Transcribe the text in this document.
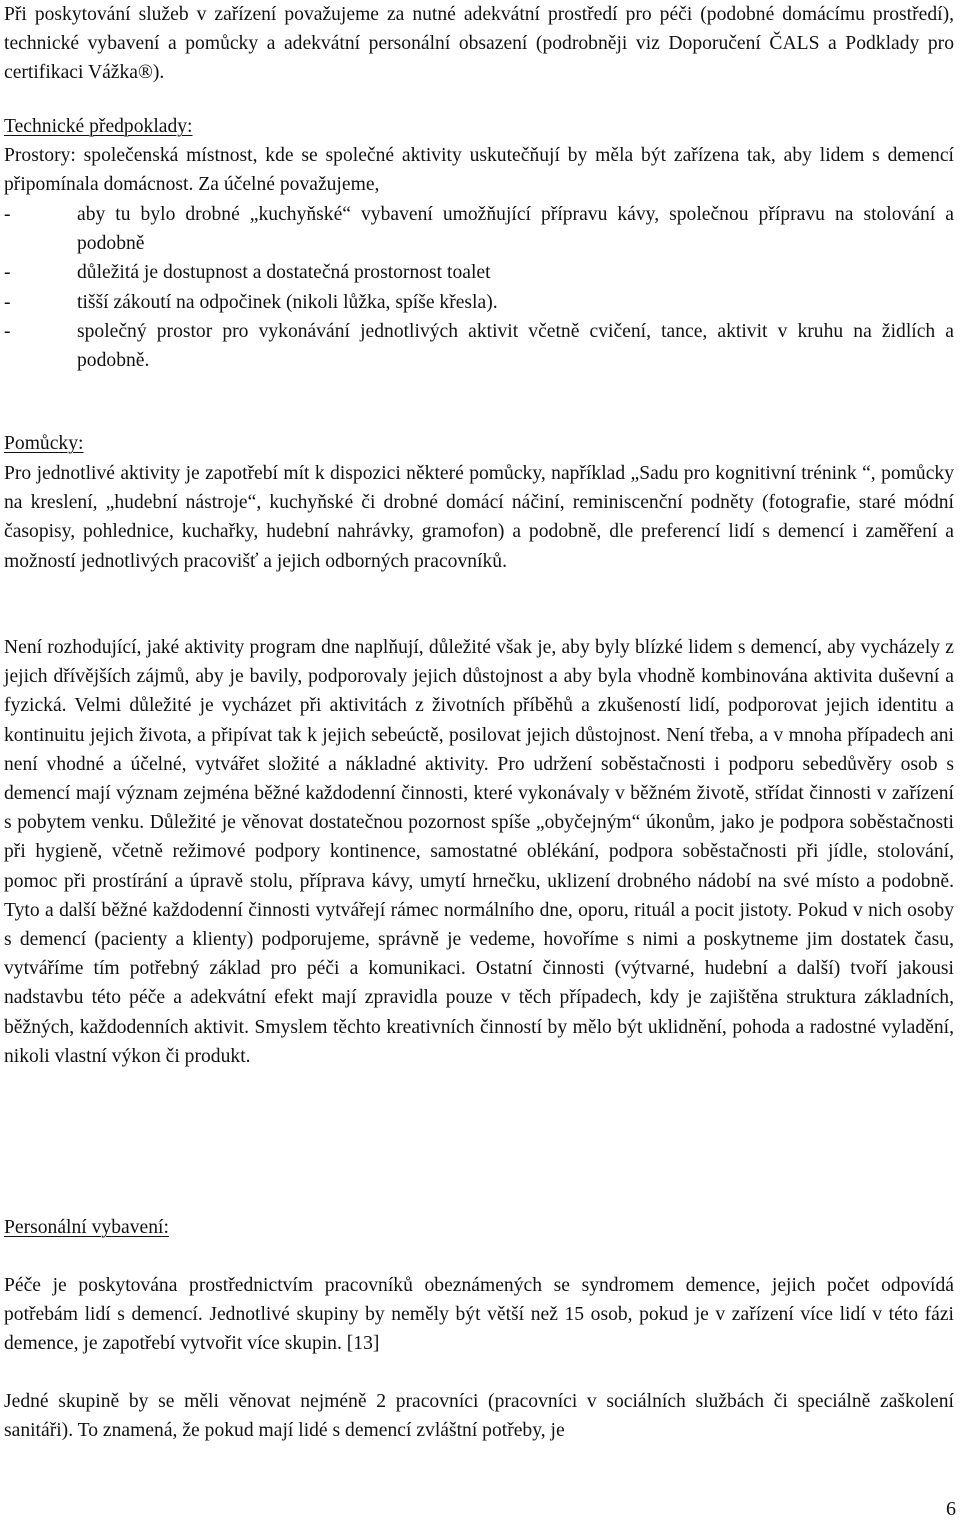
Při poskytování služeb v zařízení považujeme za nutné adekvátní prostředí pro péči (podobné domácímu prostředí), technické vybavení a pomůcky a adekvátní personální obsazení (podrobněji viz Doporučení ČALS a Podklady pro certifikaci Vážka®).

Technické předpoklady:

Prostory: společenská místnost, kde se společné aktivity uskutečňují by měla být zařízena tak, aby lidem s demencí připomínala domácnost. Za účelné považujeme,

-	aby tu bylo drobné „kuchyňské“ vybavení umožňující přípravu kávy, společnou přípravu na stolování a podobně
-	důležitá je dostupnost a dostatečná prostornost toalet
-	tišší zákoutí na odpočinek (nikoli lůžka, spíše křesla).
-	společný prostor pro vykonávání jednotlivých aktivit včetně cvičení, tance, aktivit v kruhu na židlích a podobně.

Pomůcky:

Pro jednotlivé aktivity je zapotřebí mít k dispozici některé pomůcky, například „Sadu pro kognitivní trénink “, pomůcky na kreslení, „hudební nástroje“, kuchyňské či drobné domácí náčiní, reminiscenční podněty (fotografie, staré módní časopisy, pohlednice, kuchařky, hudební nahrávky, gramofon) a podobně, dle preferencí lidí s demencí i zaměření a možností jednotlivých pracovišť a jejich odborných pracovníků.

Není rozhodující, jaké aktivity program dne naplňují, důležité však je, aby byly blízké lidem s demencí, aby vycházely z jejich dřívějších zájmů, aby je bavily, podporovaly jejich důstojnost a aby byla vhodně kombinována aktivita duševní a fyzická. Velmi důležité je vycházet při aktivitách z životních příběhů a zkušeností lidí, podporovat jejich identitu a kontinuitu jejich života, a připívat tak k jejich sebeúctě, posilovat jejich důstojnost. Není třeba, a v mnoha případech ani není vhodné a účelné, vytvářet složité a nákladné aktivity. Pro udržení soběstačnosti i podporu sebedůvěry osob s demencí mají význam zejména běžné každodenní činnosti, které vykonávaly v běžném životě, střídat činnosti v zařízení s pobytem venku. Důležité je věnovat dostatečnou pozornost spíše „obyčejným“ úkonům, jako je podpora soběstačnosti při hygieně, včetně režimové podpory kontinence, samostatné oblékání, podpora soběstačnosti při jídle, stolování, pomoc při prostírání a úpravě stolu, příprava kávy, umytí hrnečku, uklizení drobného nádobí na své místo a podobně. Tyto a další běžné každodenní činnosti vytvářejí rámec normálního dne, oporu, rituál a pocit jistoty. Pokud v nich osoby s demencí (pacienty a klienty) podporujeme, správně je vedeme, hovoříme s nimi a poskytneme jim dostatek času, vytváříme tím potřebný základ pro péči a komunikaci. Ostatní činnosti (výtvarné, hudební a další) tvoří jakousi nadstavbu této péče a adekvátní efekt mají zpravidla pouze v těch případech, kdy je zajištěna struktura základních, běžných, každodenních aktivit. Smyslem těchto kreativních činností by mělo být uklidnění, pohoda a radostné vyladění, nikoli vlastní výkon či produkt.

Personální vybavení:

Péče je poskytována prostřednictvím pracovníků obeznámených se syndromem demence, jejich počet odpovídá potřebám lidí s demencí. Jednotlivé skupiny by neměly být větší než 15 osob, pokud je v zařízení více lidí v této fázi demence, je zapotřebí vytvořit více skupin. [13]

Jedné skupině by se měli věnovat nejméně 2 pracovníci (pracovníci v sociálních službách či speciálně zaškolení sanitáři). To znamená, že pokud mají lidé s demencí zvláštní potřeby, je

6
